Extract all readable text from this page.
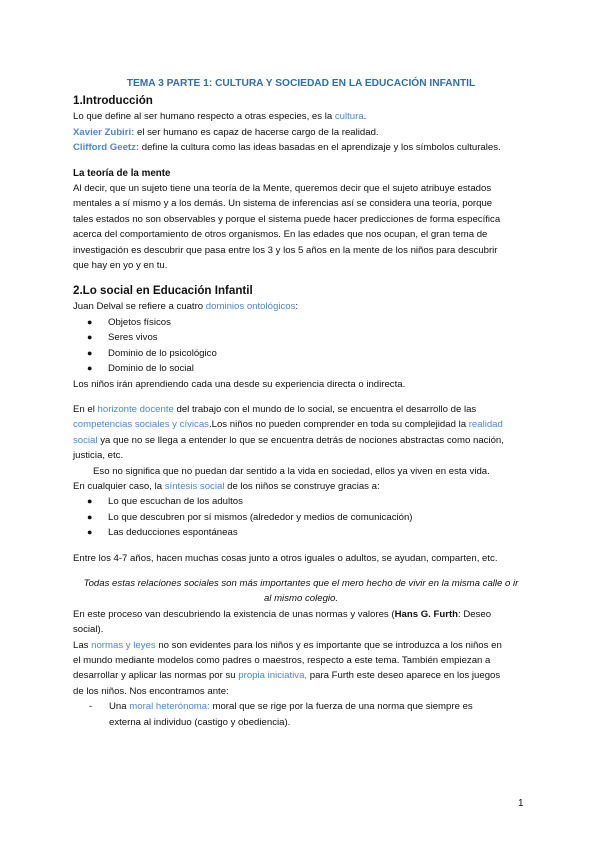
TEMA 3 PARTE 1: CULTURA Y SOCIEDAD EN LA EDUCACIÓN INFANTIL

1.Introducción

Lo que define al ser humano respecto a otras especies, es la cultura.

Xavier Zubiri: el ser humano es capaz de hacerse cargo de la realidad.

Clifford Geetz: define la cultura como las ideas basadas en el aprendizaje y los símbolos culturales.

La teoría de la mente

Al decir, que un sujeto tiene una teoría de la Mente, queremos decir que el sujeto atribuye estados
mentales a sí mismo y a los demás. Un sistema de inferencias así se considera una teoría, porque
tales estados no son observables y porque el sistema puede hacer predicciones de forma específica
acerca del comportamiento de otros organismos. En las edades que nos ocupan, el gran tema de
investigación es descubrir que pasa entre los 3 y los 5 años en la mente de los niños para descubrir
que hay en yo y en tu.

2.Lo social en Educación Infantil

Juan Delval se refiere a cuatro dominios ontológicos:

● Objetos físicos
● Seres vivos
● Dominio de lo psicológico
● Dominio de lo social

Los niños irán aprendiendo cada una desde su experiencia directa o indirecta.

En el horizonte docente del trabajo con el mundo de lo social, se encuentra el desarrollo de las
competencias sociales y cívicas.Los niños no pueden comprender en toda su complejidad la realidad
social ya que no se llega a entender lo que se encuentra detrás de nociones abstractas como nación,
justicia, etc.

Eso no significa que no puedan dar sentido a la vida en sociedad, ellos ya viven en esta vida.

En cualquier caso, la síntesis social de los niños se construye gracias a:

● Lo que escuchan de los adultos
● Lo que descubren por sí mismos (alrededor y medios de comunicación)
● Las deducciones espontáneas

Entre los 4-7 años, hacen muchas cosas junto a otros iguales o adultos, se ayudan, comparten, etc.

Todas estas relaciones sociales son más importantes que el mero hecho de vivir en la misma calle o ir
al mismo colegio.

En este proceso van descubriendo la existencia de unas normas y valores (Hans G. Furth: Deseo
social).

Las normas y leyes no son evidentes para los niños y es importante que se introduzca a los niños en
el mundo mediante modelos como padres o maestros, respecto a este tema. También empiezan a
desarrollar y aplicar las normas por su propia iniciativa, para Furth este deseo aparece en los juegos
de los niños. Nos encontramos ante:

- Una moral heterónoma: moral que se rige por la fuerza de una norma que siempre es
externa al individuo (castigo y obediencia).
1
